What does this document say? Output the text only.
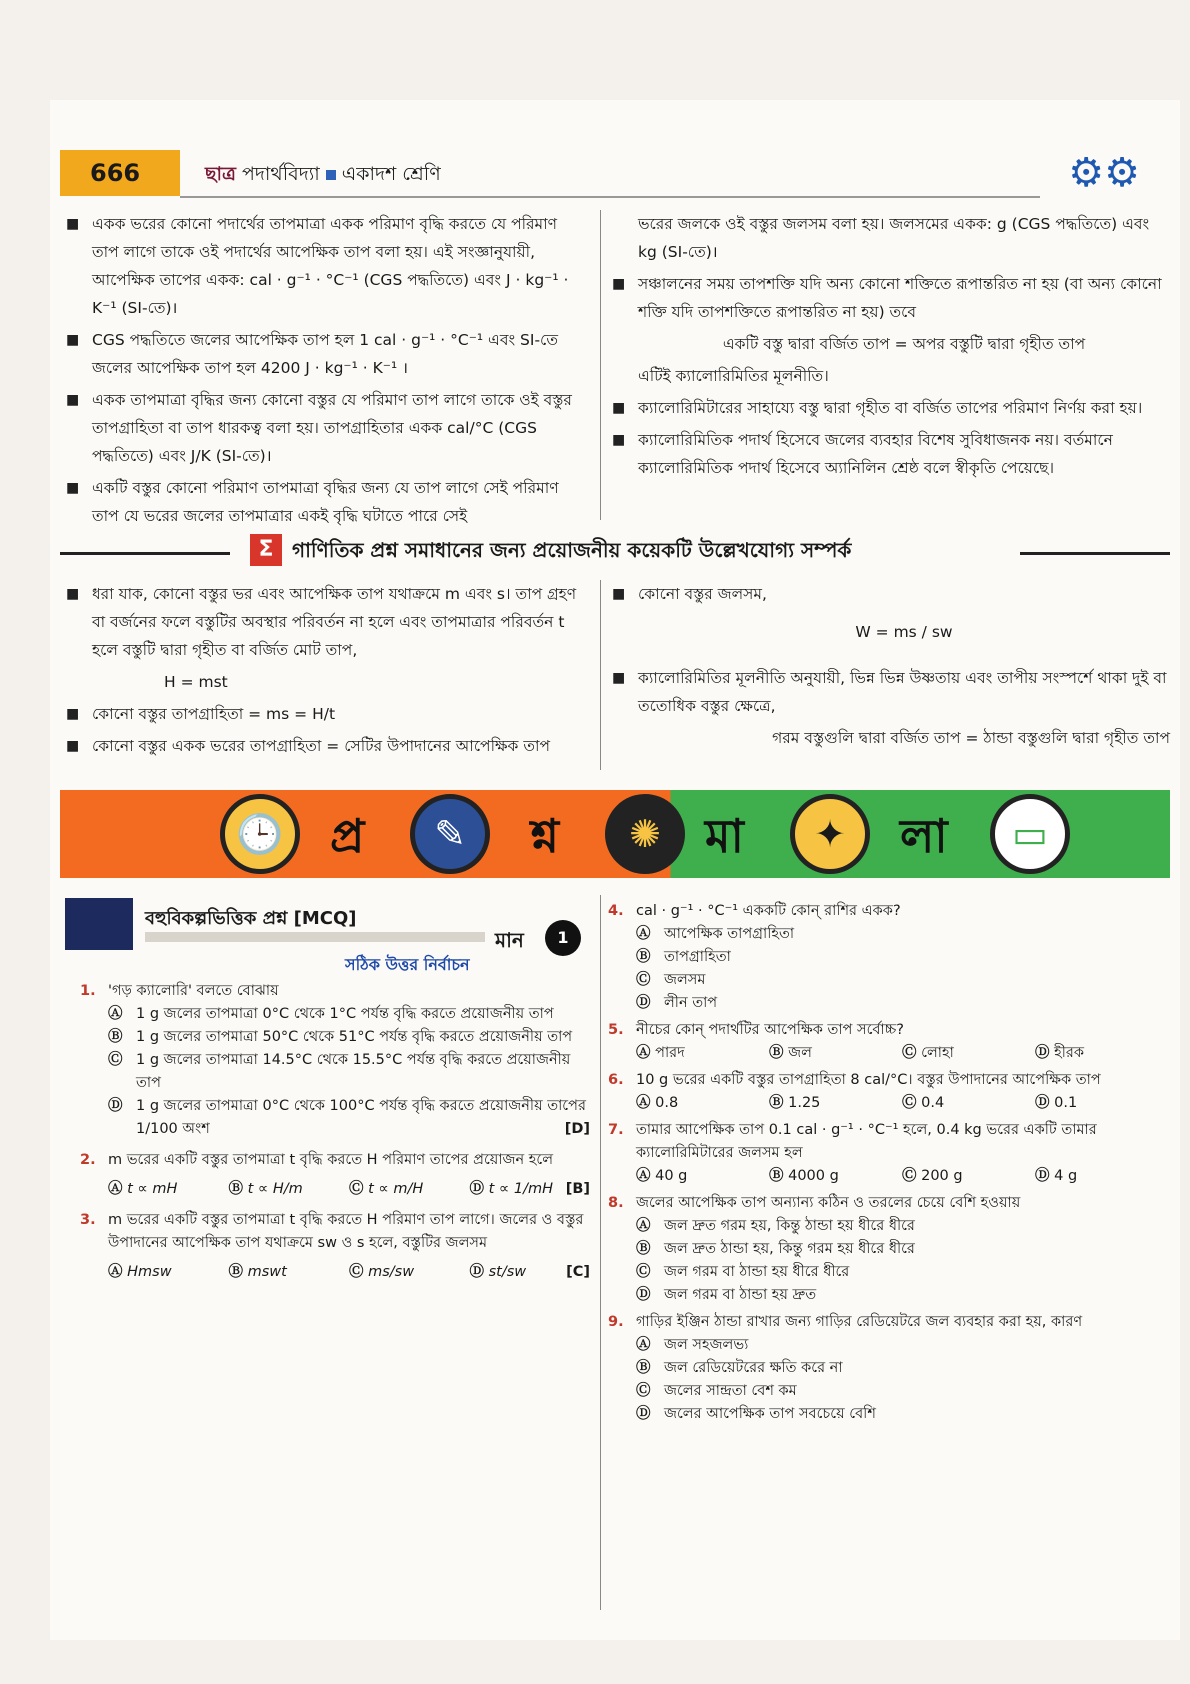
666	ছাত্র পদার্থবিদ্যা একাদশ শ্রেণি	⚙⚙

■ একক ভরের কোনো পদার্থের তাপমাত্রা একক পরিমাণ বৃদ্ধি করতে যে পরিমাণ তাপ লাগে তাকে ওই পদার্থের আপেক্ষিক তাপ বলা হয়। এই সংজ্ঞানুযায়ী, আপেক্ষিক তাপের একক: cal · g⁻¹ · °C⁻¹ (CGS পদ্ধতিতে) এবং J · kg⁻¹ · K⁻¹ (SI-তে)।

■ CGS পদ্ধতিতে জলের আপেক্ষিক তাপ হল 1 cal · g⁻¹ · °C⁻¹ এবং SI-তে জলের আপেক্ষিক তাপ হল 4200 J · kg⁻¹ · K⁻¹ ।

■ একক তাপমাত্রা বৃদ্ধির জন্য কোনো বস্তুর যে পরিমাণ তাপ লাগে তাকে ওই বস্তুর তাপগ্রাহিতা বা তাপ ধারকত্ব বলা হয়। তাপগ্রাহিতার একক cal/°C (CGS পদ্ধতিতে) এবং J/K (SI-তে)।

■ একটি বস্তুর কোনো পরিমাণ তাপমাত্রা বৃদ্ধির জন্য যে তাপ লাগে সেই পরিমাণ তাপ যে ভরের জলের তাপমাত্রার একই বৃদ্ধি ঘটাতে পারে সেই

ভরের জলকে ওই বস্তুর জলসম বলা হয়। জলসমের একক: g (CGS পদ্ধতিতে) এবং kg (SI-তে)।

■ সঞ্চালনের সময় তাপশক্তি যদি অন্য কোনো শক্তিতে রূপান্তরিত না হয় (বা অন্য কোনো শক্তি যদি তাপশক্তিতে রূপান্তরিত না হয়) তবে

একটি বস্তু দ্বারা বর্জিত তাপ = অপর বস্তুটি দ্বারা গৃহীত তাপ

এটিই ক্যালোরিমিতির মূলনীতি।

■ ক্যালোরিমিটারের সাহায্যে বস্তু দ্বারা গৃহীত বা বর্জিত তাপের পরিমাণ নির্ণয় করা হয়।

■ ক্যালোরিমিতিক পদার্থ হিসেবে জলের ব্যবহার বিশেষ সুবিধাজনক নয়। বর্তমানে ক্যালোরিমিতিক পদার্থ হিসেবে অ্যানিলিন শ্রেষ্ঠ বলে স্বীকৃতি পেয়েছে।

Σ গাণিতিক প্রশ্ন সমাধানের জন্য প্রয়োজনীয় কয়েকটি উল্লেখযোগ্য সম্পর্ক

■ ধরা যাক, কোনো বস্তুর ভর এবং আপেক্ষিক তাপ যথাক্রমে m এবং s। তাপ গ্রহণ বা বর্জনের ফলে বস্তুটির অবস্থার পরিবর্তন না হলে এবং তাপমাত্রার পরিবর্তন t হলে বস্তুটি দ্বারা গৃহীত বা বর্জিত মোট তাপ,

H = mst

■ কোনো বস্তুর তাপগ্রাহিতা = ms = H/t

■ কোনো বস্তুর একক ভরের তাপগ্রাহিতা = সেটির উপাদানের আপেক্ষিক তাপ

■ কোনো বস্তুর জলসম,

W = ms / sw

■ ক্যালোরিমিতির মূলনীতি অনুযায়ী, ভিন্ন ভিন্ন উষ্ণতায় এবং তাপীয় সংস্পর্শে থাকা দুই বা ততোধিক বস্তুর ক্ষেত্রে,

গরম বস্তুগুলি দ্বারা বর্জিত তাপ = ঠান্ডা বস্তুগুলি দ্বারা গৃহীত তাপ

🕒	প্র	✎	শ্ন	✺ মা	✦	লা	▭
বহুবিকল্পভিত্তিক প্রশ্ন [MCQ]
মান	1
সঠিক উত্তর নির্বাচন
1. 'গড় ক্যালোরি' বলতে বোঝায়
Ⓐ 1 g জলের তাপমাত্রা 0°C থেকে 1°C পর্যন্ত বৃদ্ধি করতে প্রয়োজনীয় তাপ
Ⓑ 1 g জলের তাপমাত্রা 50°C থেকে 51°C পর্যন্ত বৃদ্ধি করতে প্রয়োজনীয় তাপ
Ⓒ 1 g জলের তাপমাত্রা 14.5°C থেকে 15.5°C পর্যন্ত বৃদ্ধি করতে প্রয়োজনীয় তাপ
Ⓓ 1 g জলের তাপমাত্রা 0°C থেকে 100°C পর্যন্ত বৃদ্ধি করতে প্রয়োজনীয় তাপের 1/100 অংশ	[D]
2. m ভরের একটি বস্তুর তাপমাত্রা t বৃদ্ধি করতে H পরিমাণ তাপের প্রয়োজন হলে
Ⓐ t ∝ mH	Ⓑ t ∝ H/m	Ⓒ t ∝ m/H	Ⓓ t ∝ 1/mH [B]
3. m ভরের একটি বস্তুর তাপমাত্রা t বৃদ্ধি করতে H পরিমাণ তাপ লাগে। জলের ও বস্তুর উপাদানের আপেক্ষিক তাপ যথাক্রমে sw ও s হলে, বস্তুটির জলসম
Ⓐ Hmsw	Ⓑ mswt	Ⓒ ms/sw	Ⓓ st/sw	[C]
4. cal · g⁻¹ · °C⁻¹ এককটি কোন্ রাশির একক?
Ⓐ আপেক্ষিক তাপগ্রাহিতা
Ⓑ তাপগ্রাহিতা
Ⓒ জলসম
Ⓓ লীন তাপ
5. নীচের কোন্ পদার্থটির আপেক্ষিক তাপ সর্বোচ্চ?
Ⓐ পারদ	Ⓑ জল	Ⓒ লোহা	Ⓓ হীরক
6. 10 g ভরের একটি বস্তুর তাপগ্রাহিতা 8 cal/°C। বস্তুর উপাদানের আপেক্ষিক তাপ
Ⓐ 0.8	Ⓑ 1.25	Ⓒ 0.4	Ⓓ 0.1
7. তামার আপেক্ষিক তাপ 0.1 cal · g⁻¹ · °C⁻¹ হলে, 0.4 kg ভরের একটি তামার ক্যালোরিমিটারের জলসম হল
Ⓐ 40 g	Ⓑ 4000 g	Ⓒ 200 g	Ⓓ 4 g
8. জলের আপেক্ষিক তাপ অন্যান্য কঠিন ও তরলের চেয়ে বেশি হওয়ায়
Ⓐ জল দ্রুত গরম হয়, কিন্তু ঠান্ডা হয় ধীরে ধীরে
Ⓑ জল দ্রুত ঠান্ডা হয়, কিন্তু গরম হয় ধীরে ধীরে
Ⓒ জল গরম বা ঠান্ডা হয় ধীরে ধীরে
Ⓓ জল গরম বা ঠান্ডা হয় দ্রুত
9. গাড়ির ইঞ্জিন ঠান্ডা রাখার জন্য গাড়ির রেডিয়েটরে জল ব্যবহার করা হয়, কারণ
Ⓐ জল সহজলভ্য
Ⓑ জল রেডিয়েটরের ক্ষতি করে না
Ⓒ জলের সান্দ্রতা বেশ কম
Ⓓ জলের আপেক্ষিক তাপ সবচেয়ে বেশি
